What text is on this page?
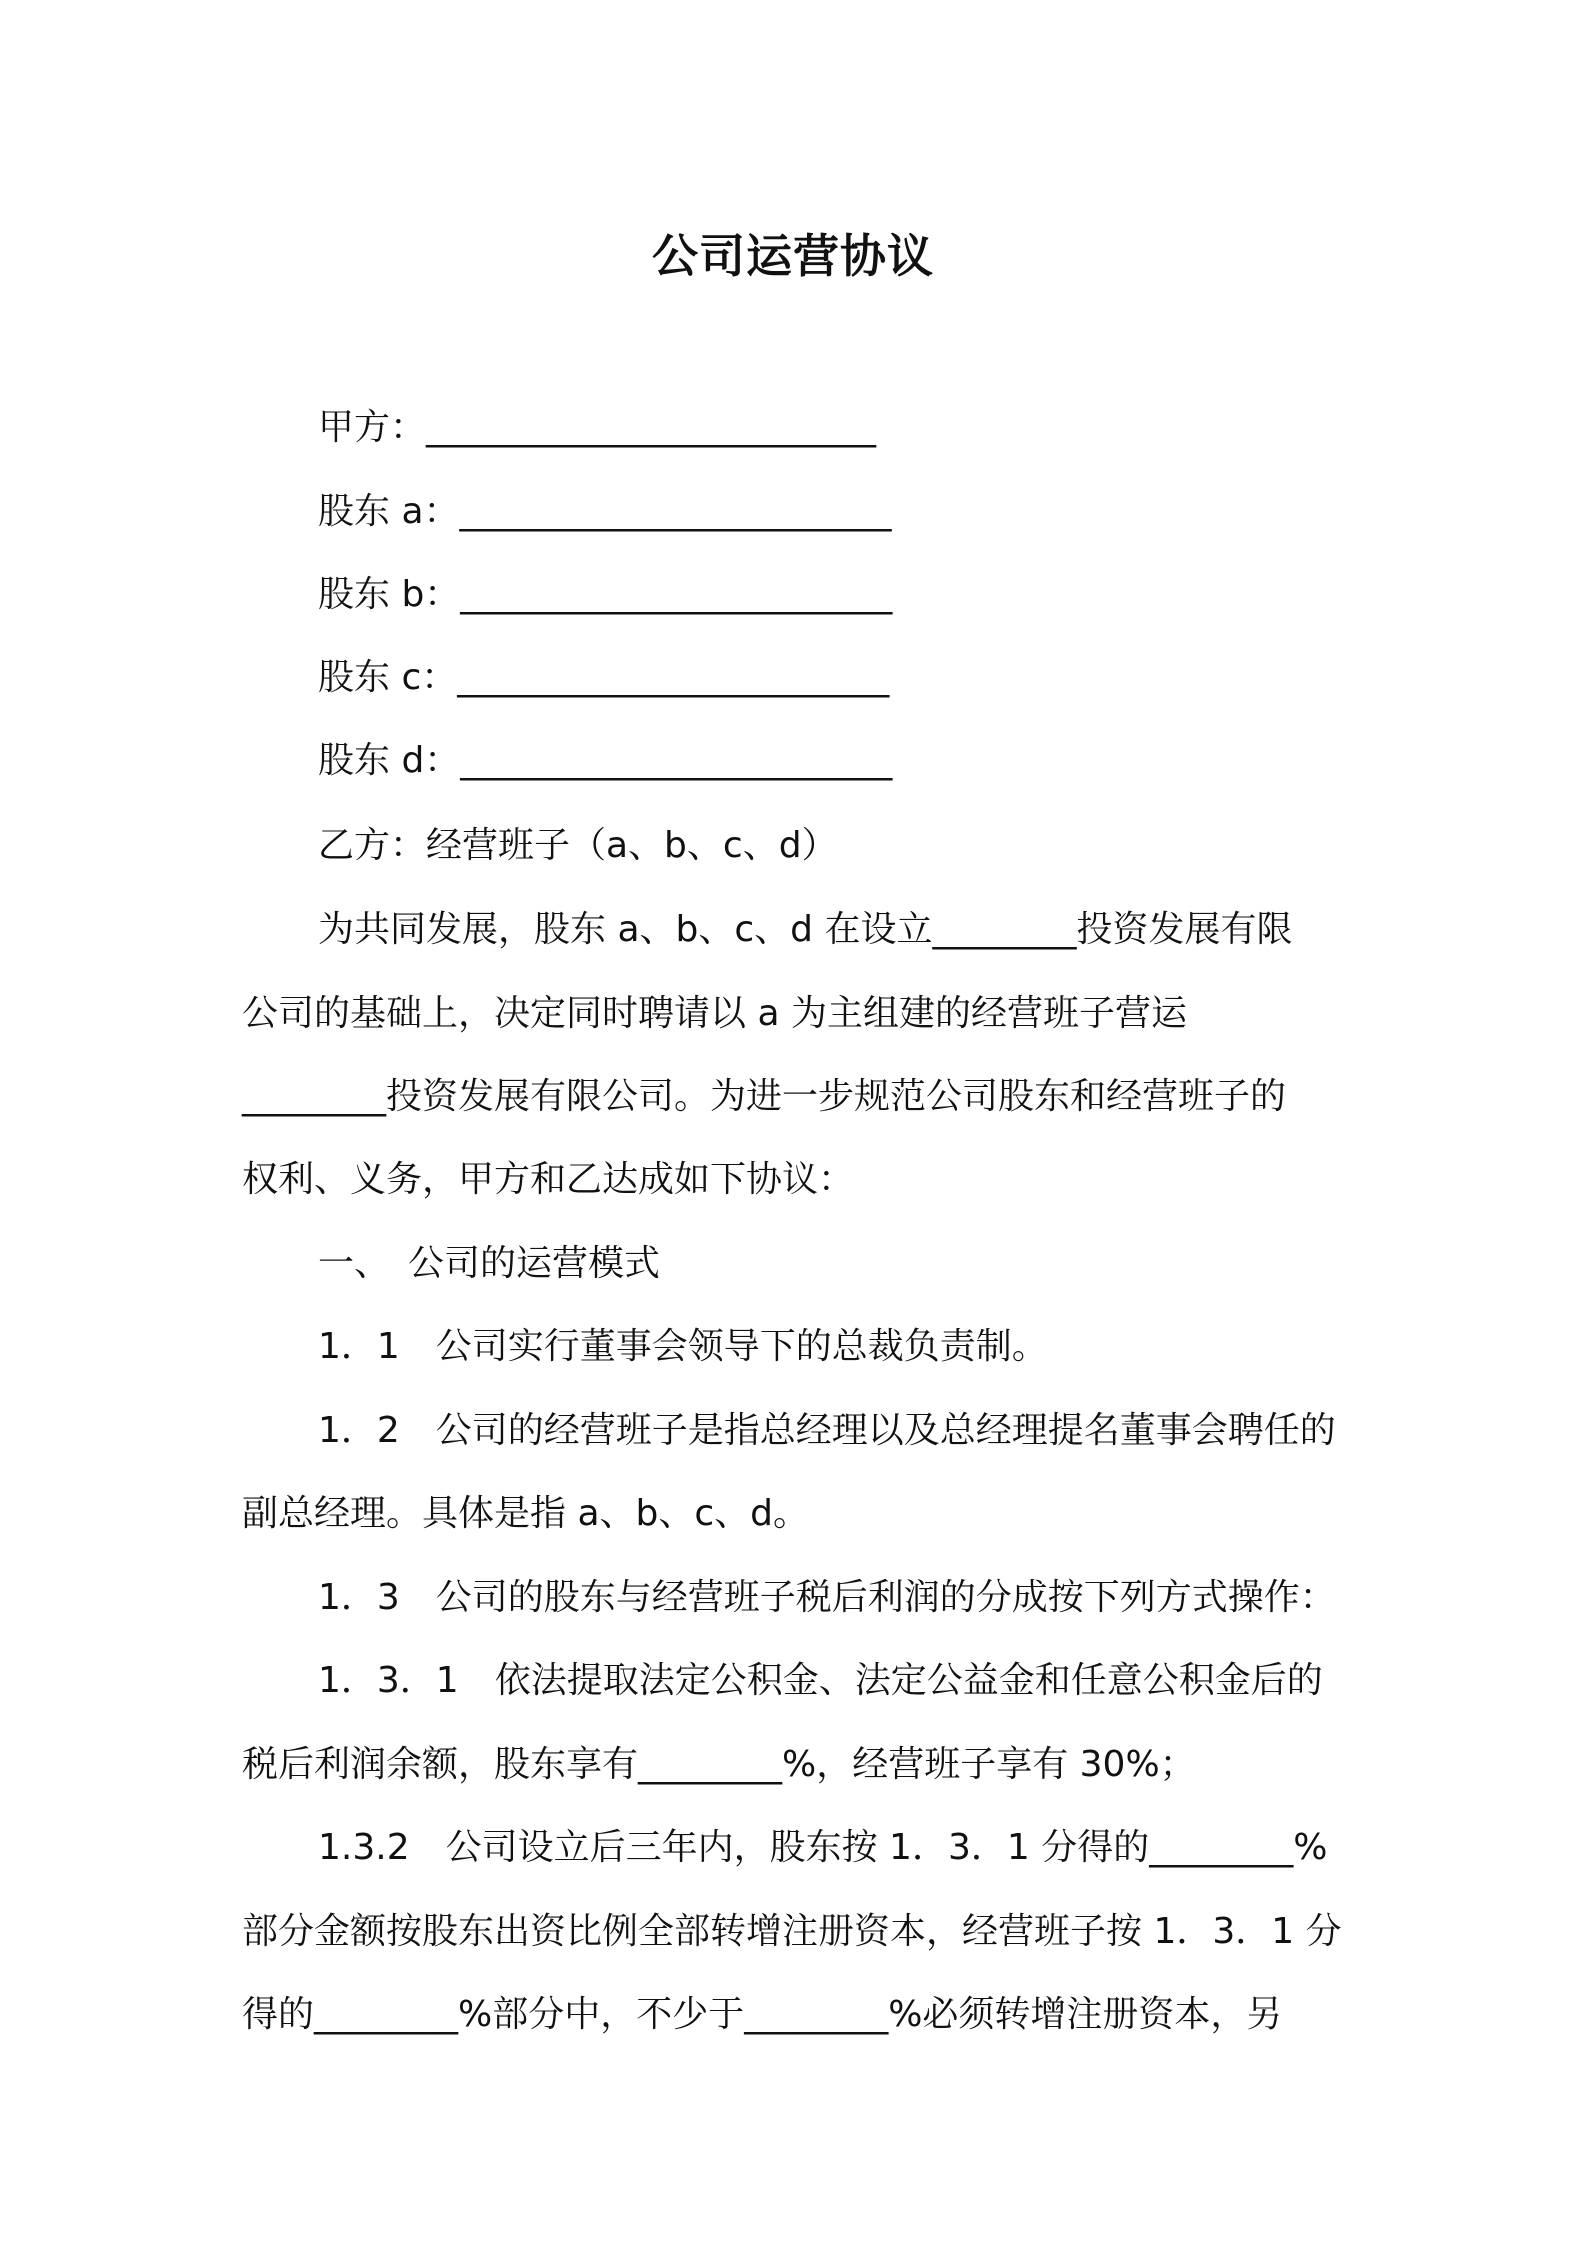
公司运营协议
甲方：_________________________
股东 a：________________________
股东 b：________________________
股东 c：________________________
股东 d：________________________
乙方：经营班子（a、b、c、d）
为共同发展，股东 a、b、c、d 在设立________投资发展有限
公司的基础上，决定同时聘请以 a 为主组建的经营班子营运
________投资发展有限公司。为进一步规范公司股东和经营班子的
权利、义务，甲方和乙达成如下协议：
一、　公司的运营模式
1．1　公司实行董事会领导下的总裁负责制。
1．2　公司的经营班子是指总经理以及总经理提名董事会聘任的
副总经理。具体是指 a、b、c、d。
1．3　公司的股东与经营班子税后利润的分成按下列方式操作：
1．3．1　依法提取法定公积金、法定公益金和任意公积金后的
税后利润余额，股东享有________%，经营班子享有 30%；
1.3.2　公司设立后三年内，股东按 1．3．1 分得的________%
部分金额按股东出资比例全部转增注册资本，经营班子按 1．3．1 分
得的________%部分中，不少于________%必须转增注册资本，另
